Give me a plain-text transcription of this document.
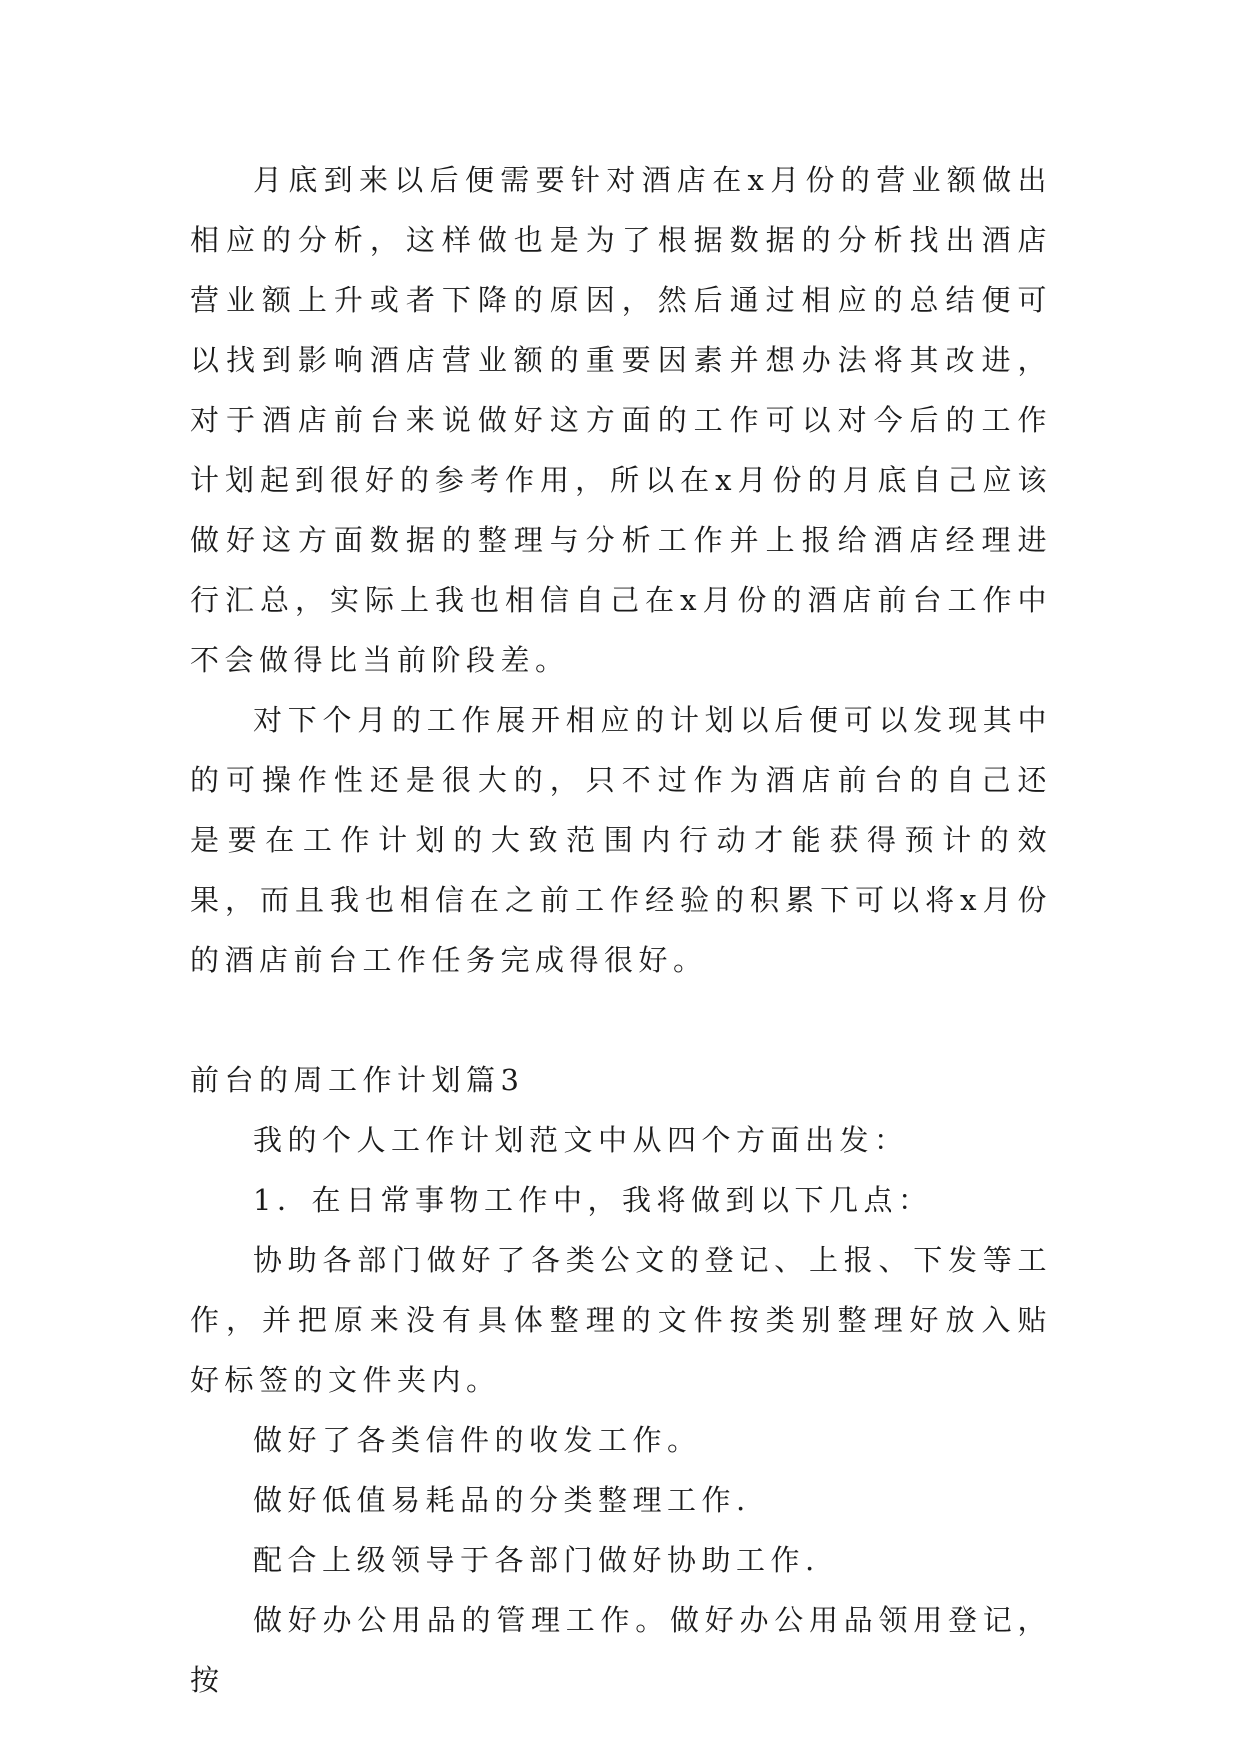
月底到来以后便需要针对酒店在x月份的营业额做出相应的分析，这样做也是为了根据数据的分析找出酒店营业额上升或者下降的原因，然后通过相应的总结便可以找到影响酒店营业额的重要因素并想办法将其改进，对于酒店前台来说做好这方面的工作可以对今后的工作计划起到很好的参考作用，所以在x月份的月底自己应该做好这方面数据的整理与分析工作并上报给酒店经理进行汇总，实际上我也相信自己在x月份的酒店前台工作中不会做得比当前阶段差。

对下个月的工作展开相应的计划以后便可以发现其中的可操作性还是很大的，只不过作为酒店前台的自己还是要在工作计划的大致范围内行动才能获得预计的效果，而且我也相信在之前工作经验的积累下可以将x月份的酒店前台工作任务完成得很好。

前台的周工作计划篇3

我的个人工作计划范文中从四个方面出发：

1．在日常事物工作中，我将做到以下几点：

协助各部门做好了各类公文的登记、上报、下发等工作，并把原来没有具体整理的文件按类别整理好放入贴好标签的文件夹内。

做好了各类信件的收发工作。

做好低值易耗品的分类整理工作.

配合上级领导于各部门做好协助工作.

做好办公用品的管理工作。做好办公用品领用登记，按
